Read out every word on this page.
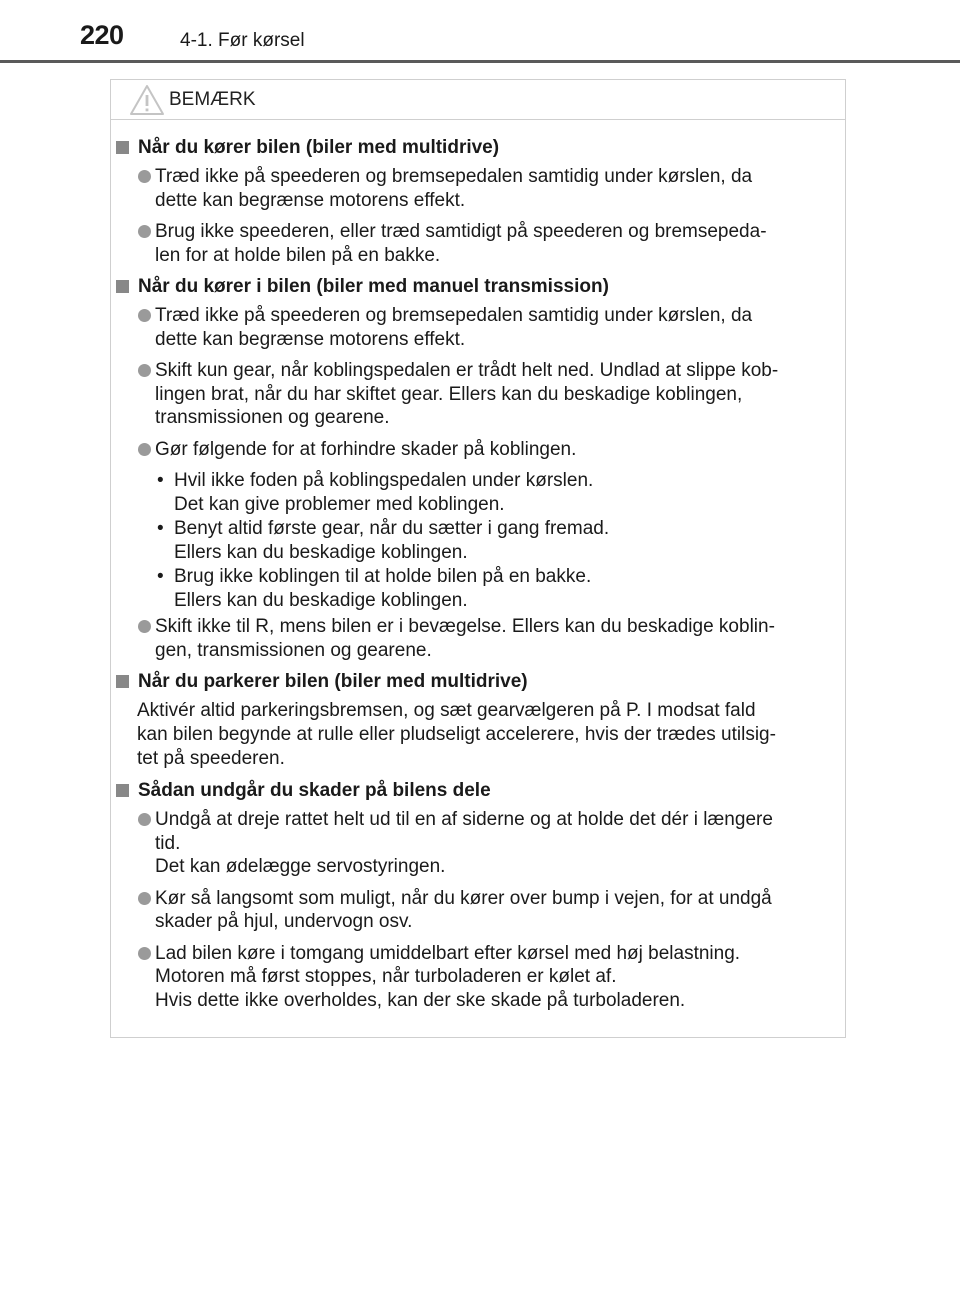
220	4-1. Før kørsel
BEMÆRK
Når du kører bilen (biler med multidrive)
Træd ikke på speederen og bremsepedalen samtidig under kørslen, da
dette kan begrænse motorens effekt.
Brug ikke speederen, eller træd samtidigt på speederen og bremsepeda-
len for at holde bilen på en bakke.
Når du kører i bilen (biler med manuel transmission)
Træd ikke på speederen og bremsepedalen samtidig under kørslen, da
dette kan begrænse motorens effekt.
Skift kun gear, når koblingspedalen er trådt helt ned. Undlad at slippe kob-
lingen brat, når du har skiftet gear. Ellers kan du beskadige koblingen,
transmissionen og gearene.
Gør følgende for at forhindre skader på koblingen.
• Hvil ikke foden på koblingspedalen under kørslen.
Det kan give problemer med koblingen.
• Benyt altid første gear, når du sætter i gang fremad.
Ellers kan du beskadige koblingen.
• Brug ikke koblingen til at holde bilen på en bakke.
Ellers kan du beskadige koblingen.
Skift ikke til R, mens bilen er i bevægelse. Ellers kan du beskadige koblin-
gen, transmissionen og gearene.
Når du parkerer bilen (biler med multidrive)
Aktivér altid parkeringsbremsen, og sæt gearvælgeren på P. I modsat fald
kan bilen begynde at rulle eller pludseligt accelerere, hvis der trædes utilsig-
tet på speederen.
Sådan undgår du skader på bilens dele
Undgå at dreje rattet helt ud til en af siderne og at holde det dér i længere
tid.
Det kan ødelægge servostyringen.
Kør så langsomt som muligt, når du kører over bump i vejen, for at undgå
skader på hjul, undervogn osv.
Lad bilen køre i tomgang umiddelbart efter kørsel med høj belastning.
Motoren må først stoppes, når turboladeren er kølet af.
Hvis dette ikke overholdes, kan der ske skade på turboladeren.
